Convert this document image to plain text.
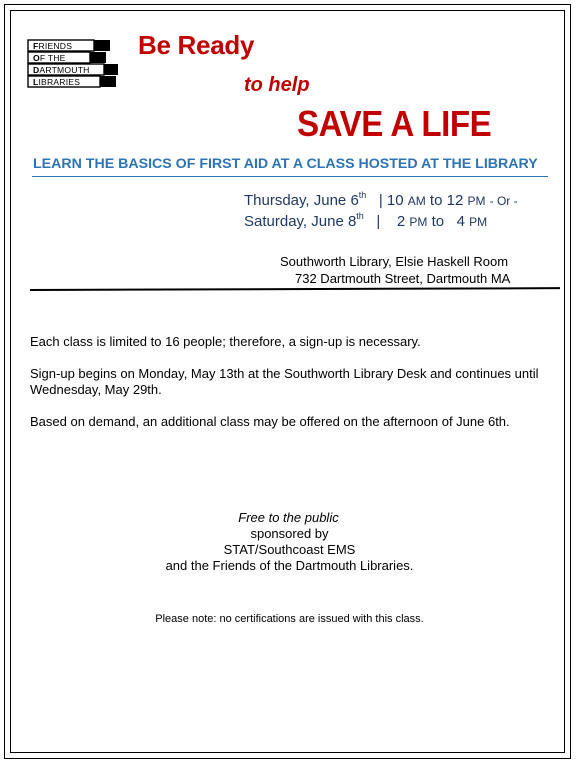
FRIENDS
OF THE
DARTMOUTH
LIBRARIES
Be Ready
to help
SAVE A LIFE
LEARN THE BASICS OF FIRST AID AT A CLASS HOSTED AT THE LIBRARY
Thursday, June 6th | 10 AM to 12 PM - Or -
Saturday, June 8th |    2 PM to   4 PM
Southworth Library, Elsie Haskell Room
732 Dartmouth Street, Dartmouth MA
Each class is limited to 16 people; therefore, a sign-up is necessary.
Sign-up begins on Monday, May 13th at the Southworth Library Desk and continues until Wednesday, May 29th.
Based on demand, an additional class may be offered on the afternoon of June 6th.
Free to the public
sponsored by
STAT/Southcoast EMS
and the Friends of the Dartmouth Libraries.
Please note: no certifications are issued with this class.
